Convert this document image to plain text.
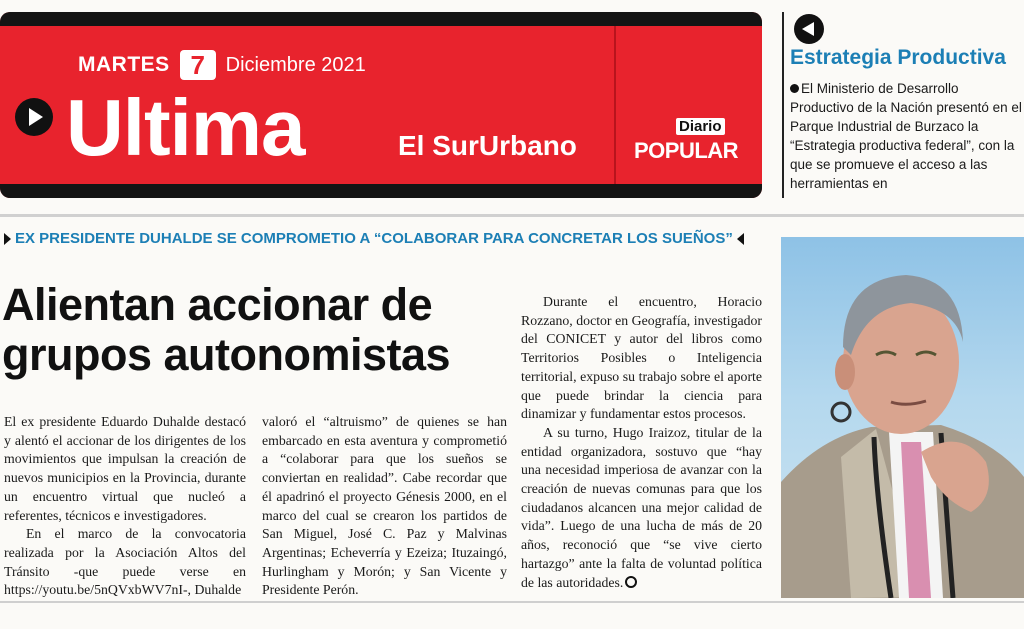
MARTES 7	Diciembre 2021
Ultima	El SurUrbano
Diario
POPULAR
Estrategia Productiva
El Ministerio de Desarrollo Productivo de la Nación presentó en el Parque Industrial de Burzaco la “Estrategia productiva federal”, con la que se promueve el acceso a las herramientas en
EX PRESIDENTE DUHALDE SE COMPROMETIO A “COLABORAR PARA CONCRETAR LOS SUEÑOS”
Alientan accionar de grupos autonomistas

El ex presidente Eduardo Duhalde destacó y alentó el accionar de los dirigentes de los movimientos que impulsan la creación de nuevos municipios en la Provincia, durante un encuentro virtual que nucleó a referentes, técnicos e investigadores.

En el marco de la convocatoria realizada por la Asociación Altos del Tránsito -que puede verse en https://youtu.be/5nQVxbWV7nI-, Duhalde

valoró el “altruismo” de quienes se han embarcado en esta aventura y comprometió a “colaborar para que los sueños se conviertan en realidad”. Cabe recordar que él apadrinó el proyecto Génesis 2000, en el marco del cual se crearon los partidos de San Miguel, José C. Paz y Malvinas Argentinas; Echeverría y Ezeiza; Ituzaingó, Hurlingham y Morón; y San Vicente y Presidente Perón.

Durante el encuentro, Horacio Rozzano, doctor en Geografía, investigador del CONICET y autor del libros como Territorios Posibles o Inteligencia territorial, expuso su trabajo sobre el aporte que puede brindar la ciencia para dinamizar y fundamentar estos procesos.

A su turno, Hugo Iraizoz, titular de la entidad organizadora, sostuvo que “hay una necesidad imperiosa de avanzar con la creación de nuevas comunas para que los ciudadanos alcancen una mejor calidad de vida”. Luego de una lucha de más de 20 años, reconoció que “se vive cierto hartazgo” ante la falta de voluntad política de las autoridades.
